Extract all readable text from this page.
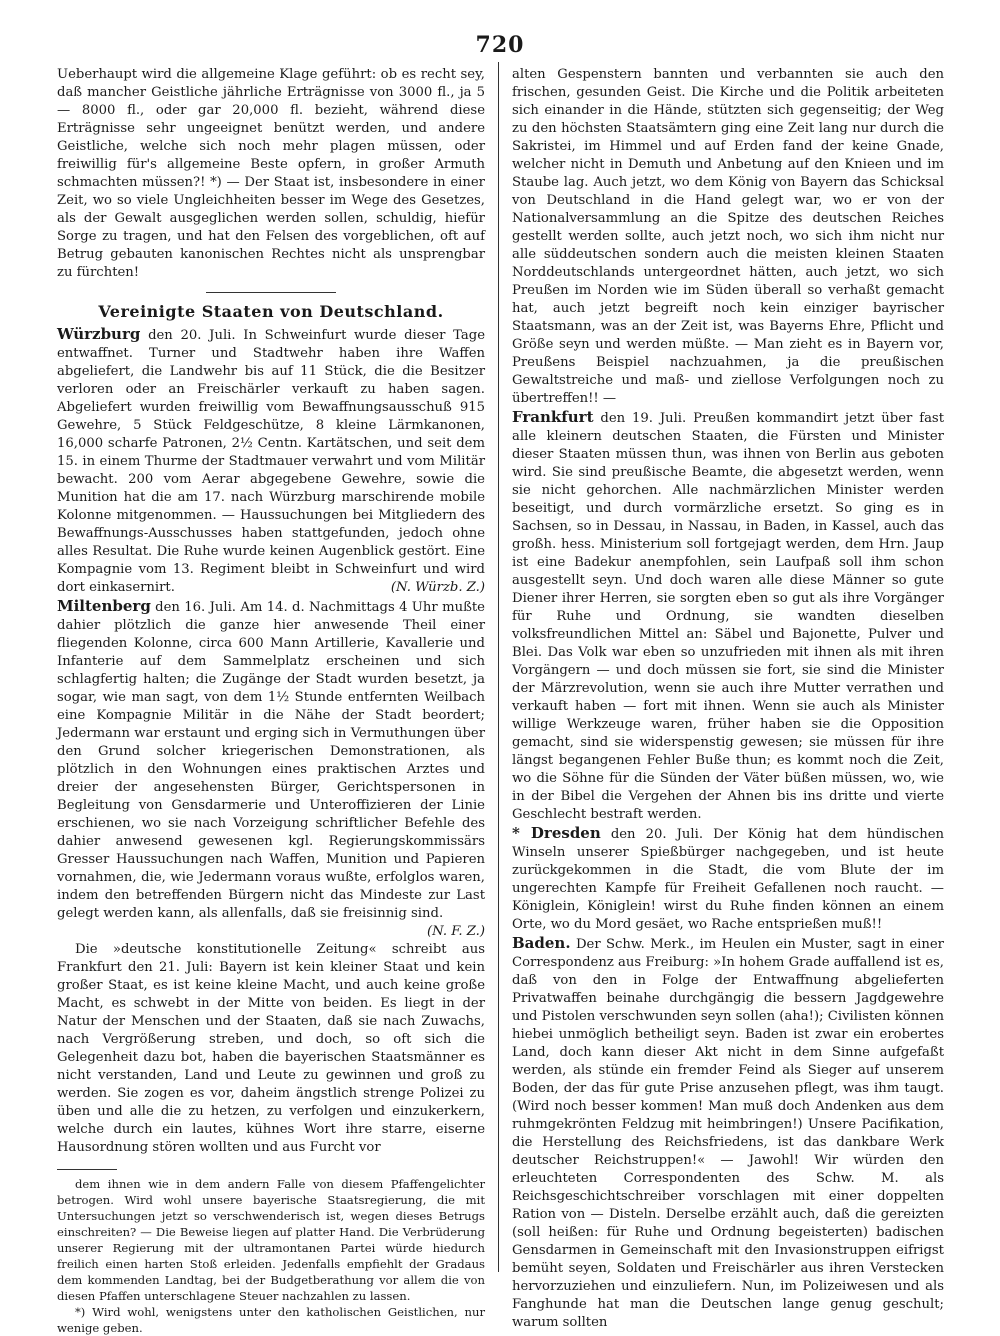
720

Ueberhaupt wird die allgemeine Klage geführt: ob es recht sey, daß mancher Geistliche jährliche Erträgnisse von 3000 fl., ja 5 — 8000 fl., oder gar 20,000 fl. bezieht, während diese Erträgnisse sehr ungeeignet benützt werden, und andere Geistliche, welche sich noch mehr plagen müssen, oder freiwillig für's allgemeine Beste opfern, in großer Armuth schmachten müssen?! *) — Der Staat ist, insbesondere in einer Zeit, wo so viele Ungleichheiten besser im Wege des Gesetzes, als der Gewalt ausgeglichen werden sollen, schuldig, hiefür Sorge zu tragen, und hat den Felsen des vorgeblichen, oft auf Betrug gebauten kanonischen Rechtes nicht als unsprengbar zu fürchten!

Vereinigte Staaten von Deutschland.

Würzburg den 20. Juli. In Schweinfurt wurde dieser Tage entwaffnet. Turner und Stadtwehr haben ihre Waffen abgeliefert, die Landwehr bis auf 11 Stück, die die Besitzer verloren oder an Freischärler verkauft zu haben sagen. Abgeliefert wurden freiwillig vom Bewaffnungsausschuß 915 Gewehre, 5 Stück Feldgeschütze, 8 kleine Lärmkanonen, 16,000 scharfe Patronen, 2½ Centn. Kartätschen, und seit dem 15. in einem Thurme der Stadtmauer verwahrt und vom Militär bewacht. 200 vom Aerar abgegebene Gewehre, sowie die Munition hat die am 17. nach Würzburg marschirende mobile Kolonne mitgenommen. — Haussuchungen bei Mitgliedern des Bewaffnungs-Ausschusses haben stattgefunden, jedoch ohne alles Resultat. Die Ruhe wurde keinen Augenblick gestört. Eine Kompagnie vom 13. Regiment bleibt in Schweinfurt und wird dort einkasernirt.	(N. Würzb. Z.)

Miltenberg den 16. Juli. Am 14. d. Nachmittags 4 Uhr mußte dahier plötzlich die ganze hier anwesende Theil einer fliegenden Kolonne, circa 600 Mann Artillerie, Kavallerie und Infanterie auf dem Sammelplatz erscheinen und sich schlagfertig halten; die Zugänge der Stadt wurden besetzt, ja sogar, wie man sagt, von dem 1½ Stunde entfernten Weilbach eine Kompagnie Militär in die Nähe der Stadt beordert; Jedermann war erstaunt und erging sich in Vermuthungen über den Grund solcher kriegerischen Demonstrationen, als plötzlich in den Wohnungen eines praktischen Arztes und dreier der angesehensten Bürger, Gerichtspersonen in Begleitung von Gensdarmerie und Unteroffizieren der Linie erschienen, wo sie nach Vorzeigung schriftlicher Befehle des dahier anwesend gewesenen kgl. Regierungskommissärs Gresser Haussuchungen nach Waffen, Munition und Papieren vornahmen, die, wie Jedermann voraus wußte, erfolglos waren, indem den betreffenden Bürgern nicht das Mindeste zur Last gelegt werden kann, als allenfalls, daß sie freisinnig sind.
(N. F. Z.)

Die »deutsche konstitutionelle Zeitung« schreibt aus Frankfurt den 21. Juli: Bayern ist kein kleiner Staat und kein großer Staat, es ist keine kleine Macht, und auch keine große Macht, es schwebt in der Mitte von beiden. Es liegt in der Natur der Menschen und der Staaten, daß sie nach Zuwachs, nach Vergrößerung streben, und doch, so oft sich die Gelegenheit dazu bot, haben die bayerischen Staatsmänner es nicht verstanden, Land und Leute zu gewinnen und groß zu werden. Sie zogen es vor, daheim ängstlich strenge Polizei zu üben und alle die zu hetzen, zu verfolgen und einzukerkern, welche durch ein lautes, kühnes Wort ihre starre, eiserne Hausordnung stören wollten und aus Furcht vor

dem ihnen wie in dem andern Falle von diesem Pfaffengelichter betrogen. Wird wohl unsere bayerische Staatsregierung, die mit Untersuchungen jetzt so verschwenderisch ist, wegen dieses Betrugs einschreiten? — Die Beweise liegen auf platter Hand. Die Verbrüderung unserer Regierung mit der ultramontanen Partei würde hiedurch freilich einen harten Stoß erleiden. Jedenfalls empfiehlt der Gradaus dem kommenden Landtag, bei der Budgetberathung vor allem die von diesen Pfaffen unterschlagene Steuer nachzahlen zu lassen.

*) Wird wohl, wenigstens unter den katholischen Geistlichen, nur wenige geben.

alten Gespenstern bannten und verbannten sie auch den frischen, gesunden Geist. Die Kirche und die Politik arbeiteten sich einander in die Hände, stützten sich gegenseitig; der Weg zu den höchsten Staatsämtern ging eine Zeit lang nur durch die Sakristei, im Himmel und auf Erden fand der keine Gnade, welcher nicht in Demuth und Anbetung auf den Knieen und im Staube lag. Auch jetzt, wo dem König von Bayern das Schicksal von Deutschland in die Hand gelegt war, wo er von der Nationalversammlung an die Spitze des deutschen Reiches gestellt werden sollte, auch jetzt noch, wo sich ihm nicht nur alle süddeutschen sondern auch die meisten kleinen Staaten Norddeutschlands untergeordnet hätten, auch jetzt, wo sich Preußen im Norden wie im Süden überall so verhaßt gemacht hat, auch jetzt begreift noch kein einziger bayrischer Staatsmann, was an der Zeit ist, was Bayerns Ehre, Pflicht und Größe seyn und werden müßte. — Man zieht es in Bayern vor, Preußens Beispiel nachzuahmen, ja die preußischen Gewaltstreiche und maß- und ziellose Verfolgungen noch zu übertreffen!! —

Frankfurt den 19. Juli. Preußen kommandirt jetzt über fast alle kleinern deutschen Staaten, die Fürsten und Minister dieser Staaten müssen thun, was ihnen von Berlin aus geboten wird. Sie sind preußische Beamte, die abgesetzt werden, wenn sie nicht gehorchen. Alle nachmärzlichen Minister werden beseitigt, und durch vormärzliche ersetzt. So ging es in Sachsen, so in Dessau, in Nassau, in Baden, in Kassel, auch das großh. hess. Ministerium soll fortgejagt werden, dem Hrn. Jaup ist eine Badekur anempfohlen, sein Laufpaß soll ihm schon ausgestellt seyn. Und doch waren alle diese Männer so gute Diener ihrer Herren, sie sorgten eben so gut als ihre Vorgänger für Ruhe und Ordnung, sie wandten dieselben volksfreundlichen Mittel an: Säbel und Bajonette, Pulver und Blei. Das Volk war eben so unzufrieden mit ihnen als mit ihren Vorgängern — und doch müssen sie fort, sie sind die Minister der Märzrevolution, wenn sie auch ihre Mutter verrathen und verkauft haben — fort mit ihnen. Wenn sie auch als Minister willige Werkzeuge waren, früher haben sie die Opposition gemacht, sind sie widerspenstig gewesen; sie müssen für ihre längst begangenen Fehler Buße thun; es kommt noch die Zeit, wo die Söhne für die Sünden der Väter büßen müssen, wo, wie in der Bibel die Vergehen der Ahnen bis ins dritte und vierte Geschlecht bestraft werden.

* Dresden den 20. Juli. Der König hat dem hündischen Winseln unserer Spießbürger nachgegeben, und ist heute zurückgekommen in die Stadt, die vom Blute der im ungerechten Kampfe für Freiheit Gefallenen noch raucht. — Königlein, Königlein! wirst du Ruhe finden können an einem Orte, wo du Mord gesäet, wo Rache entsprießen muß!!

Baden. Der Schw. Merk., im Heulen ein Muster, sagt in einer Correspondenz aus Freiburg: »In hohem Grade auffallend ist es, daß von den in Folge der Entwaffnung abgelieferten Privatwaffen beinahe durchgängig die bessern Jagdgewehre und Pistolen verschwunden seyn sollen (aha!); Civilisten können hiebei unmöglich betheiligt seyn. Baden ist zwar ein erobertes Land, doch kann dieser Akt nicht in dem Sinne aufgefaßt werden, als stünde ein fremder Feind als Sieger auf unserem Boden, der das für gute Prise anzusehen pflegt, was ihm taugt. (Wird noch besser kommen! Man muß doch Andenken aus dem ruhmgekrönten Feldzug mit heimbringen!) Unsere Pacifikation, die Herstellung des Reichsfriedens, ist das dankbare Werk deutscher Reichstruppen!« — Jawohl! Wir würden den erleuchteten Correspondenten des Schw. M. als Reichsgeschichtschreiber vorschlagen mit einer doppelten Ration von — Disteln. Derselbe erzählt auch, daß die gereizten (soll heißen: für Ruhe und Ordnung begeisterten) badischen Gensdarmen in Gemeinschaft mit den Invasionstruppen eifrigst bemüht seyen, Soldaten und Freischärler aus ihren Verstecken hervorzuziehen und einzuliefern. Nun, im Polizeiwesen und als Fanghunde hat man die Deutschen lange genug geschult; warum sollten
